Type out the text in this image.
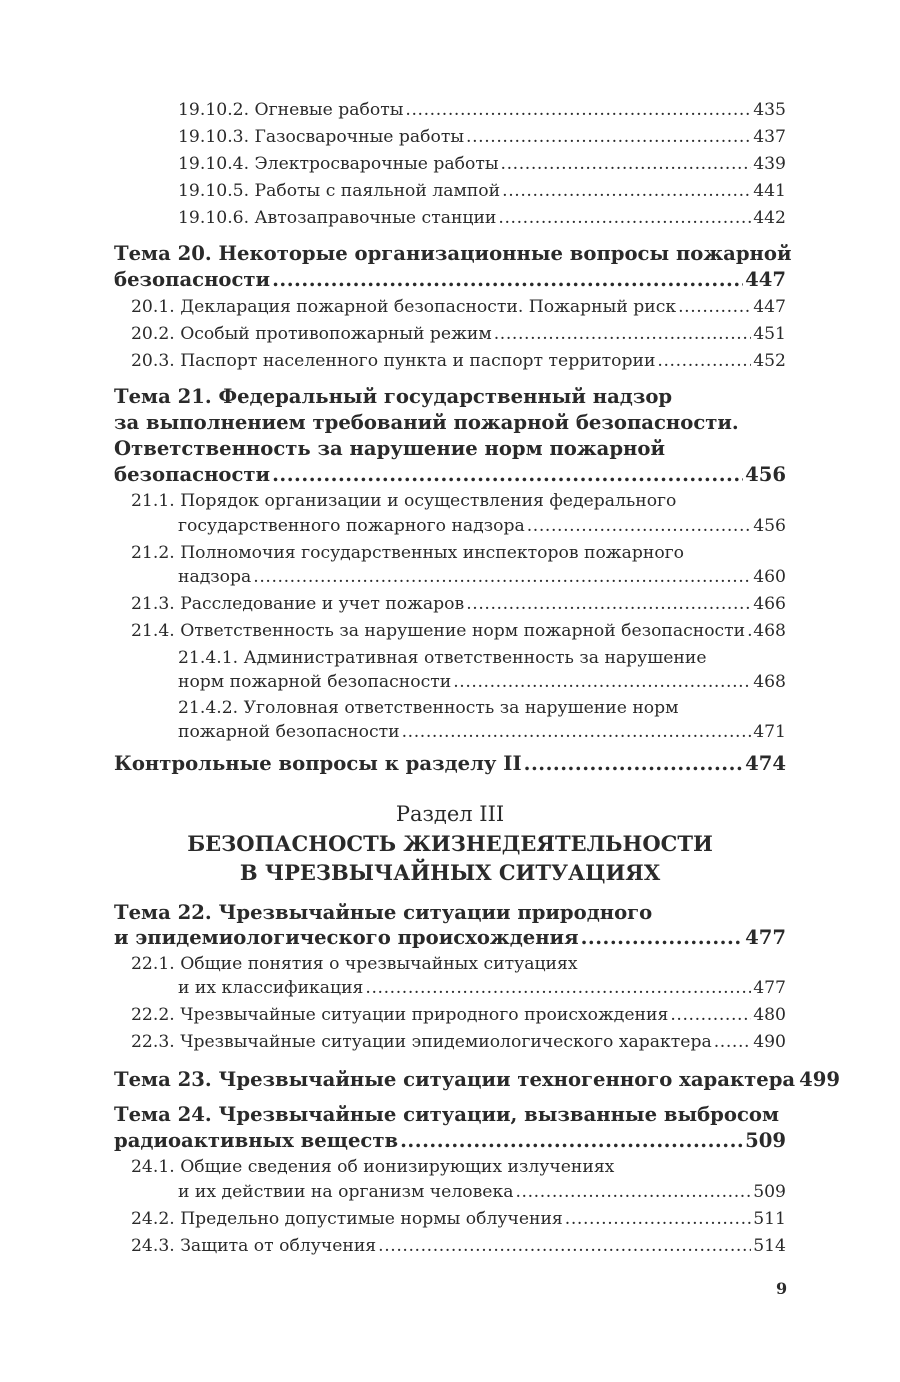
19.10.2. Огневые работы .....	435
19.10.3. Газосварочные работы .....	437
19.10.4. Электросварочные работы .....	439
19.10.5. Работы с паяльной лампой .....	441
19.10.6. Автозаправочные станции .....	442
Тема 20. Некоторые организационные вопросы пожарной
безопасности .....	447
20.1. Декларация пожарной безопасности. Пожарный риск .....	447
20.2. Особый противопожарный режим .....	451
20.3. Паспорт населенного пункта и паспорт территории .....	452
Тема 21. Федеральный государственный надзор
за выполнением требований пожарной безопасности.
Ответственность за нарушение норм пожарной
безопасности .....	456
21.1. Порядок организации и осуществления федерального
государственного пожарного надзора .....	456
21.2. Полномочия государственных инспекторов пожарного
надзора .....	460
21.3. Расследование и учет пожаров .....	466
21.4. Ответственность за нарушение норм пожарной безопасности ..... 468
21.4.1. Административная ответственность за нарушение
норм пожарной безопасности .....	468
21.4.2. Уголовная ответственность за нарушение норм
пожарной безопасности .....	471
Контрольные вопросы к разделу II .....	474
Раздел III
БЕЗОПАСНОСТЬ ЖИЗНЕДЕЯТЕЛЬНОСТИ
В ЧРЕЗВЫЧАЙНЫХ СИТУАЦИЯХ
Тема 22. Чрезвычайные ситуации природного
и эпидемиологического происхождения .....	477
22.1. Общие понятия о чрезвычайных ситуациях
и их классификация .....	477
22.2. Чрезвычайные ситуации природного происхождения .....	480
22.3. Чрезвычайные ситуации эпидемиологического характера ..... 490
Тема 23. Чрезвычайные ситуации техногенного характера 499
Тема 24. Чрезвычайные ситуации, вызванные выбросом
радиоактивных веществ .....	509
24.1. Общие сведения об ионизирующих излучениях
и их действии на организм человека .....	509
24.2. Предельно допустимые нормы облучения .....	511
24.3. Защита от облучения .....	514
9
